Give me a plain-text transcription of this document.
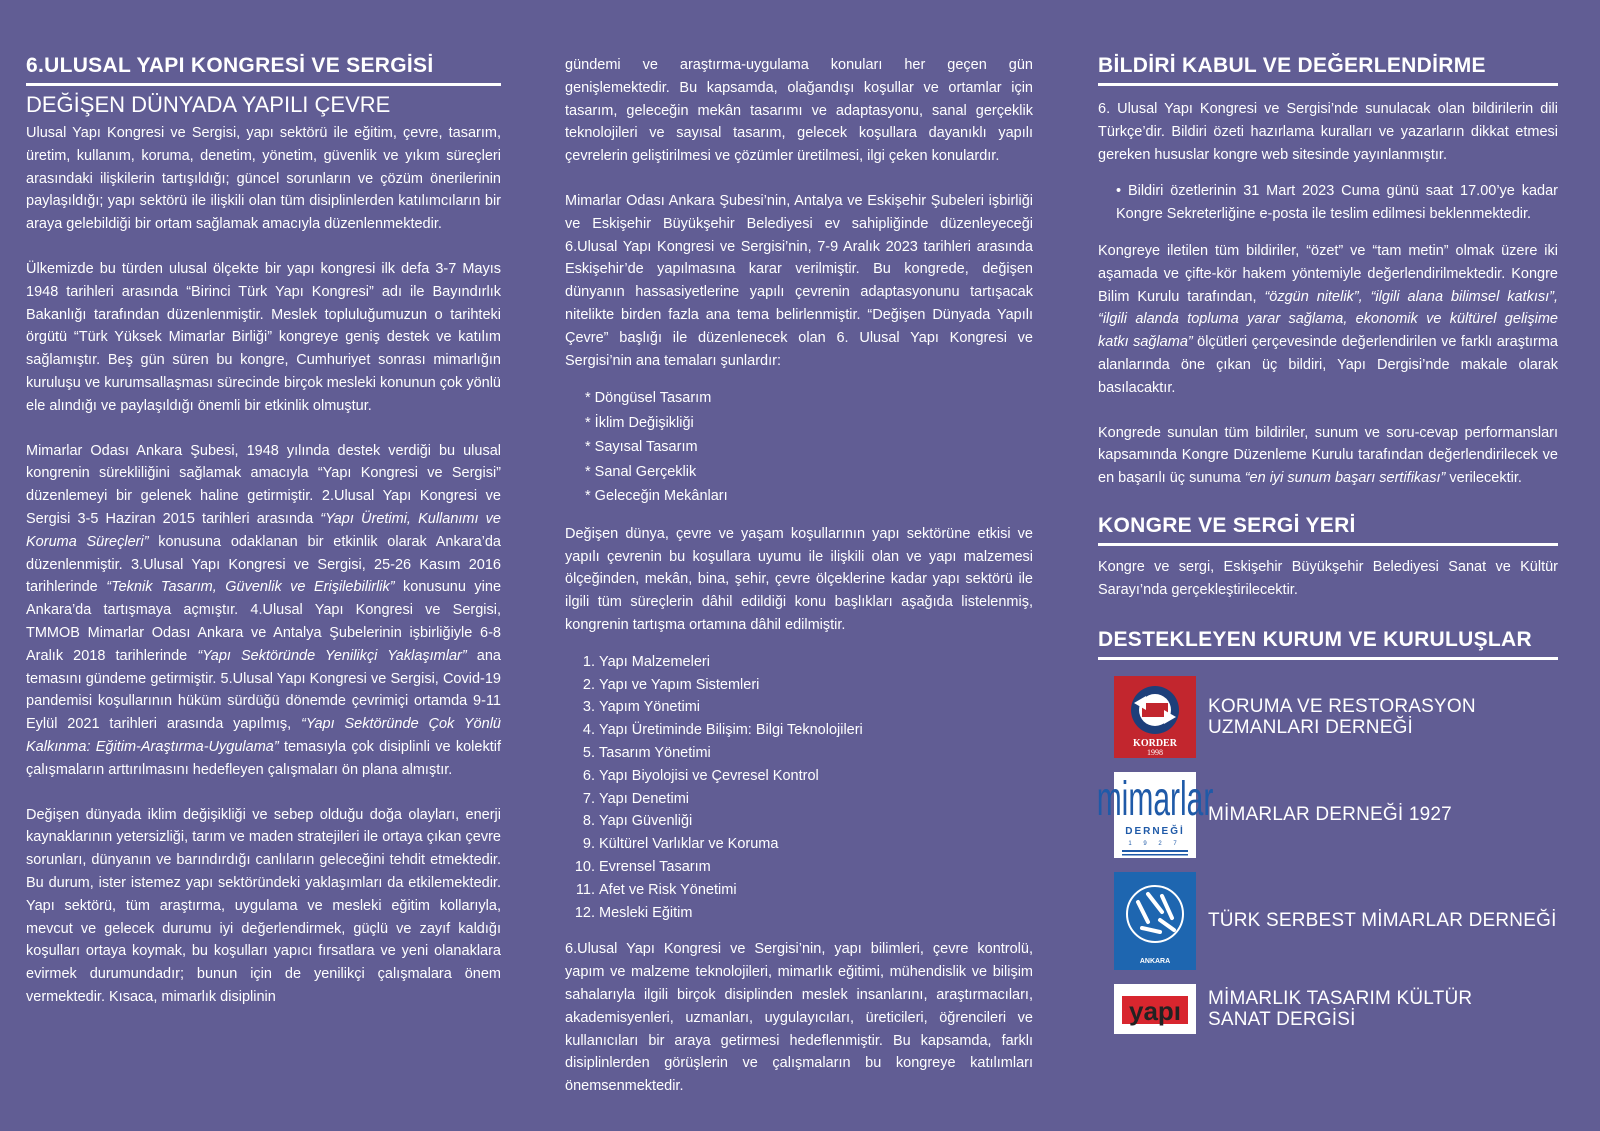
6.ULUSAL YAPI KONGRESİ VE SERGİSİ
DEĞİŞEN DÜNYADA YAPILI ÇEVRE

Ulusal Yapı Kongresi ve Sergisi, yapı sektörü ile eğitim, çevre, tasarım, üretim, kullanım, koruma, denetim, yönetim, güvenlik ve yıkım süreçleri arasındaki ilişkilerin tartışıldığı; güncel sorunların ve çözüm önerilerinin paylaşıldığı; yapı sektörü ile ilişkili olan tüm disiplinlerden katılımcıların bir araya gelebildiği bir ortam sağlamak amacıyla düzenlenmektedir.

Ülkemizde bu türden ulusal ölçekte bir yapı kongresi ilk defa 3-7 Mayıs 1948 tarihleri arasında “Birinci Türk Yapı Kongresi” adı ile Bayındırlık Bakanlığı tarafından düzenlenmiştir. Meslek topluluğumuzun o tarihteki örgütü “Türk Yüksek Mimarlar Birliği” kongreye geniş destek ve katılım sağlamıştır. Beş gün süren bu kongre, Cumhuriyet sonrası mimarlığın kuruluşu ve kurumsallaşması sürecinde birçok mesleki konunun çok yönlü ele alındığı ve paylaşıldığı önemli bir etkinlik olmuştur.

Mimarlar Odası Ankara Şubesi, 1948 yılında destek verdiği bu ulusal kongrenin sürekliliğini sağlamak amacıyla “Yapı Kongresi ve Sergisi” düzenlemeyi bir gelenek haline getirmiştir. 2.Ulusal Yapı Kongresi ve Sergisi 3-5 Haziran 2015 tarihleri arasında “Yapı Üretimi, Kullanımı ve Koruma Süreçleri” konusuna odaklanan bir etkinlik olarak Ankara’da düzenlenmiştir. 3.Ulusal Yapı Kongresi ve Sergisi, 25-26 Kasım 2016 tarihlerinde “Teknik Tasarım, Güvenlik ve Erişilebilirlik” konusunu yine Ankara’da tartışmaya açmıştır. 4.Ulusal Yapı Kongresi ve Sergisi, TMMOB Mimarlar Odası Ankara ve Antalya Şubelerinin işbirliğiyle 6-8 Aralık 2018 tarihlerinde “Yapı Sektöründe Yenilikçi Yaklaşımlar” ana temasını gündeme getirmiştir. 5.Ulusal Yapı Kongresi ve Sergisi, Covid-19 pandemisi koşullarının hüküm sürdüğü dönemde çevrimiçi ortamda 9-11 Eylül 2021 tarihleri arasında yapılmış, “Yapı Sektöründe Çok Yönlü Kalkınma: Eğitim-Araştırma-Uygulama” temasıyla çok disiplinli ve kolektif çalışmaların arttırılmasını hedefleyen çalışmaları ön plana almıştır.

Değişen dünyada iklim değişikliği ve sebep olduğu doğa olayları, enerji kaynaklarının yetersizliği, tarım ve maden stratejileri ile ortaya çıkan çevre sorunları, dünyanın ve barındırdığı canlıların geleceğini tehdit etmektedir. Bu durum, ister istemez yapı sektöründeki yaklaşımları da etkilemektedir. Yapı sektörü, tüm araştırma, uygulama ve mesleki eğitim kollarıyla, mevcut ve gelecek durumu iyi değerlendirmek, güçlü ve zayıf kaldığı koşulları ortaya koymak, bu koşulları yapıcı fırsatlara ve yeni olanaklara evirmek durumundadır; bunun için de yenilikçi çalışmalara önem vermektedir. Kısaca, mimarlık disiplinin

gündemi ve araştırma-uygulama konuları her geçen gün genişlemektedir. Bu kapsamda, olağandışı koşullar ve ortamlar için tasarım, geleceğin mekân tasarımı ve adaptasyonu, sanal gerçeklik teknolojileri ve sayısal tasarım, gelecek koşullara dayanıklı yapılı çevrelerin geliştirilmesi ve çözümler üretilmesi, ilgi çeken konulardır.

Mimarlar Odası Ankara Şubesi’nin, Antalya ve Eskişehir Şubeleri işbirliği ve Eskişehir Büyükşehir Belediyesi ev sahipliğinde düzenleyeceği 6.Ulusal Yapı Kongresi ve Sergisi’nin, 7-9 Aralık 2023 tarihleri arasında Eskişehir’de yapılmasına karar verilmiştir. Bu kongrede, değişen dünyanın hassasiyetlerine yapılı çevrenin adaptasyonunu tartışacak nitelikte birden fazla ana tema belirlenmiştir. “Değişen Dünyada Yapılı Çevre” başlığı ile düzenlenecek olan 6. Ulusal Yapı Kongresi ve Sergisi’nin ana temaları şunlardır:

* Döngüsel Tasarım
* İklim Değişikliği
* Sayısal Tasarım
* Sanal Gerçeklik
* Geleceğin Mekânları

Değişen dünya, çevre ve yaşam koşullarının yapı sektörüne etkisi ve yapılı çevrenin bu koşullara uyumu ile ilişkili olan ve yapı malzemesi ölçeğinden, mekân, bina, şehir, çevre ölçeklerine kadar yapı sektörü ile ilgili tüm süreçlerin dâhil edildiği konu başlıkları aşağıda listelenmiş, kongrenin tartışma ortamına dâhil edilmiştir.

1. Yapı Malzemeleri
2. Yapı ve Yapım Sistemleri
3. Yapım Yönetimi
4. Yapı Üretiminde Bilişim: Bilgi Teknolojileri
5. Tasarım Yönetimi
6. Yapı Biyolojisi ve Çevresel Kontrol
7. Yapı Denetimi
8. Yapı Güvenliği
9. Kültürel Varlıklar ve Koruma
10. Evrensel Tasarım
11. Afet ve Risk Yönetimi
12. Mesleki Eğitim

6.Ulusal Yapı Kongresi ve Sergisi’nin, yapı bilimleri, çevre kontrolü, yapım ve malzeme teknolojileri, mimarlık eğitimi, mühendislik ve bilişim sahalarıyla ilgili birçok disiplinden meslek insanlarını, araştırmacıları, akademisyenleri, uzmanları, uygulayıcıları, üreticileri, öğrencileri ve kullanıcıları bir araya getirmesi hedeflenmiştir. Bu kapsamda, farklı disiplinlerden görüşlerin ve çalışmaların bu kongreye katılımları önemsenmektedir.

BİLDİRİ KABUL VE DEĞERLENDİRME

6. Ulusal Yapı Kongresi ve Sergisi’nde sunulacak olan bildirilerin dili Türkçe’dir. Bildiri özeti hazırlama kuralları ve yazarların dikkat etmesi gereken hususlar kongre web sitesinde yayınlanmıştır.

• Bildiri özetlerinin 31 Mart 2023 Cuma günü saat 17.00’ye kadar Kongre Sekreterliğine e-posta ile teslim edilmesi beklenmektedir.

Kongreye iletilen tüm bildiriler, “özet” ve “tam metin” olmak üzere iki aşamada ve çifte-kör hakem yöntemiyle değerlendirilmektedir. Kongre Bilim Kurulu tarafından, “özgün nitelik”, “ilgili alana bilimsel katkısı”, “ilgili alanda topluma yarar sağlama, ekonomik ve kültürel gelişime katkı sağlama” ölçütleri çerçevesinde değerlendirilen ve farklı araştırma alanlarında öne çıkan üç bildiri, Yapı Dergisi’nde makale olarak basılacaktır.

Kongrede sunulan tüm bildiriler, sunum ve soru-cevap performansları kapsamında Kongre Düzenleme Kurulu tarafından değerlendirilecek ve en başarılı üç sunuma “en iyi sunum başarı sertifikası” verilecektir.

KONGRE VE SERGİ YERİ

Kongre ve sergi, Eskişehir Büyükşehir Belediyesi Sanat ve Kültür Sarayı’nda gerçekleştirilecektir.

DESTEKLEYEN KURUM VE KURULUŞLAR
KORDER
1998
KORUMA VE RESTORASYON
UZMANLARI DERNEĞİ
mimarlar
DERNEĞİ
1 9 2 7
MİMARLAR DERNEĞİ 1927
ANKARA
TÜRK SERBEST MİMARLAR DERNEĞİ
yapı MİMARLIK TASARIM KÜLTÜR
SANAT DERGİSİ
